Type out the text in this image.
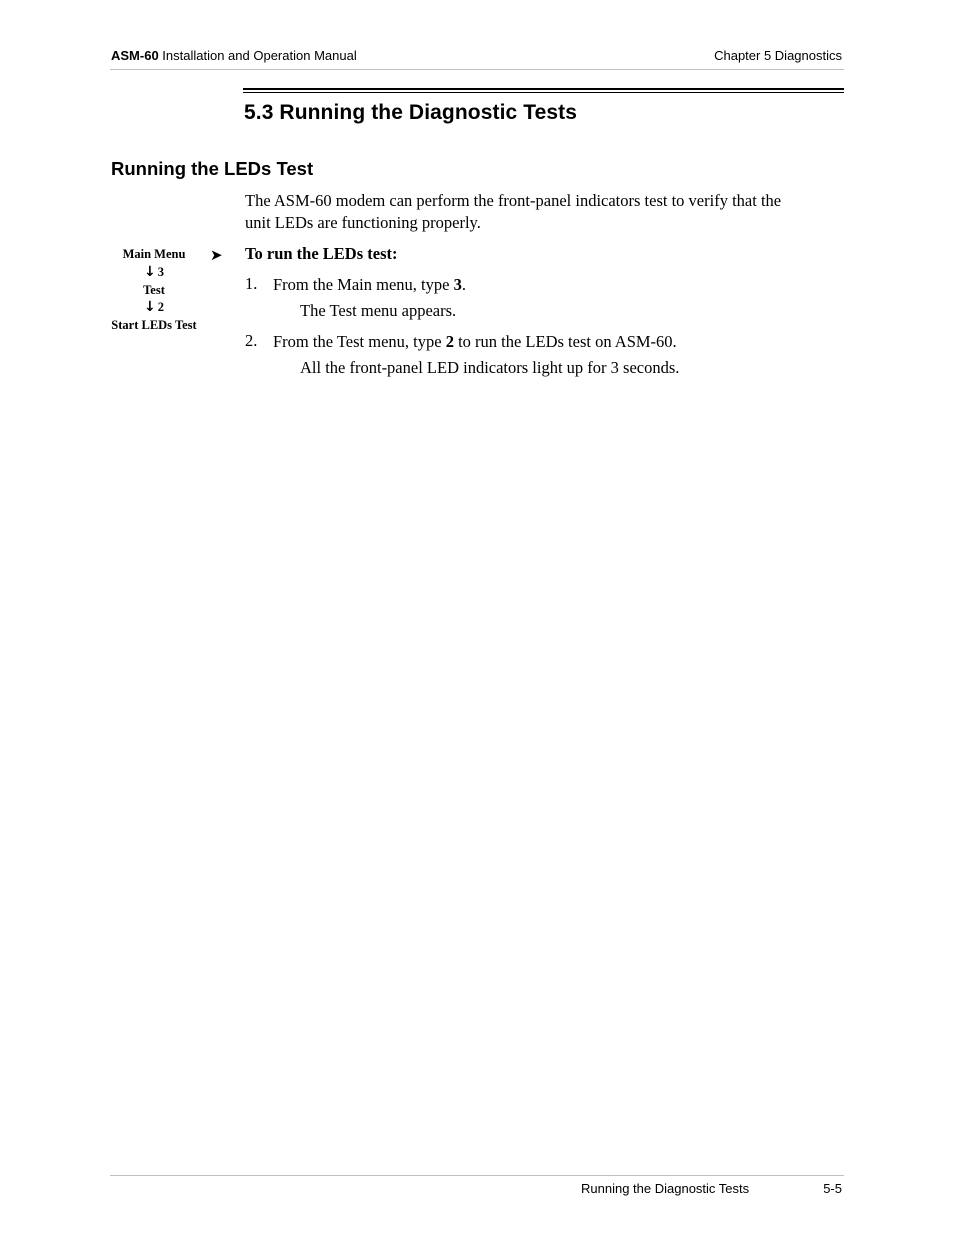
ASM-60 Installation and Operation Manual	Chapter 5 Diagnostics
5.3 Running the Diagnostic Tests
Running the LEDs Test
The ASM-60 modem can perform the front-panel indicators test to verify that the
unit LEDs are functioning properly.
Main Menu
↓ 3
Test
↓ 2
Start LEDs Test
➤ To run the LEDs test:
1. From the Main menu, type 3.
The Test menu appears.
2. From the Test menu, type 2 to run the LEDs test on ASM-60.
All the front-panel LED indicators light up for 3 seconds.
Running the Diagnostic Tests	5-5
